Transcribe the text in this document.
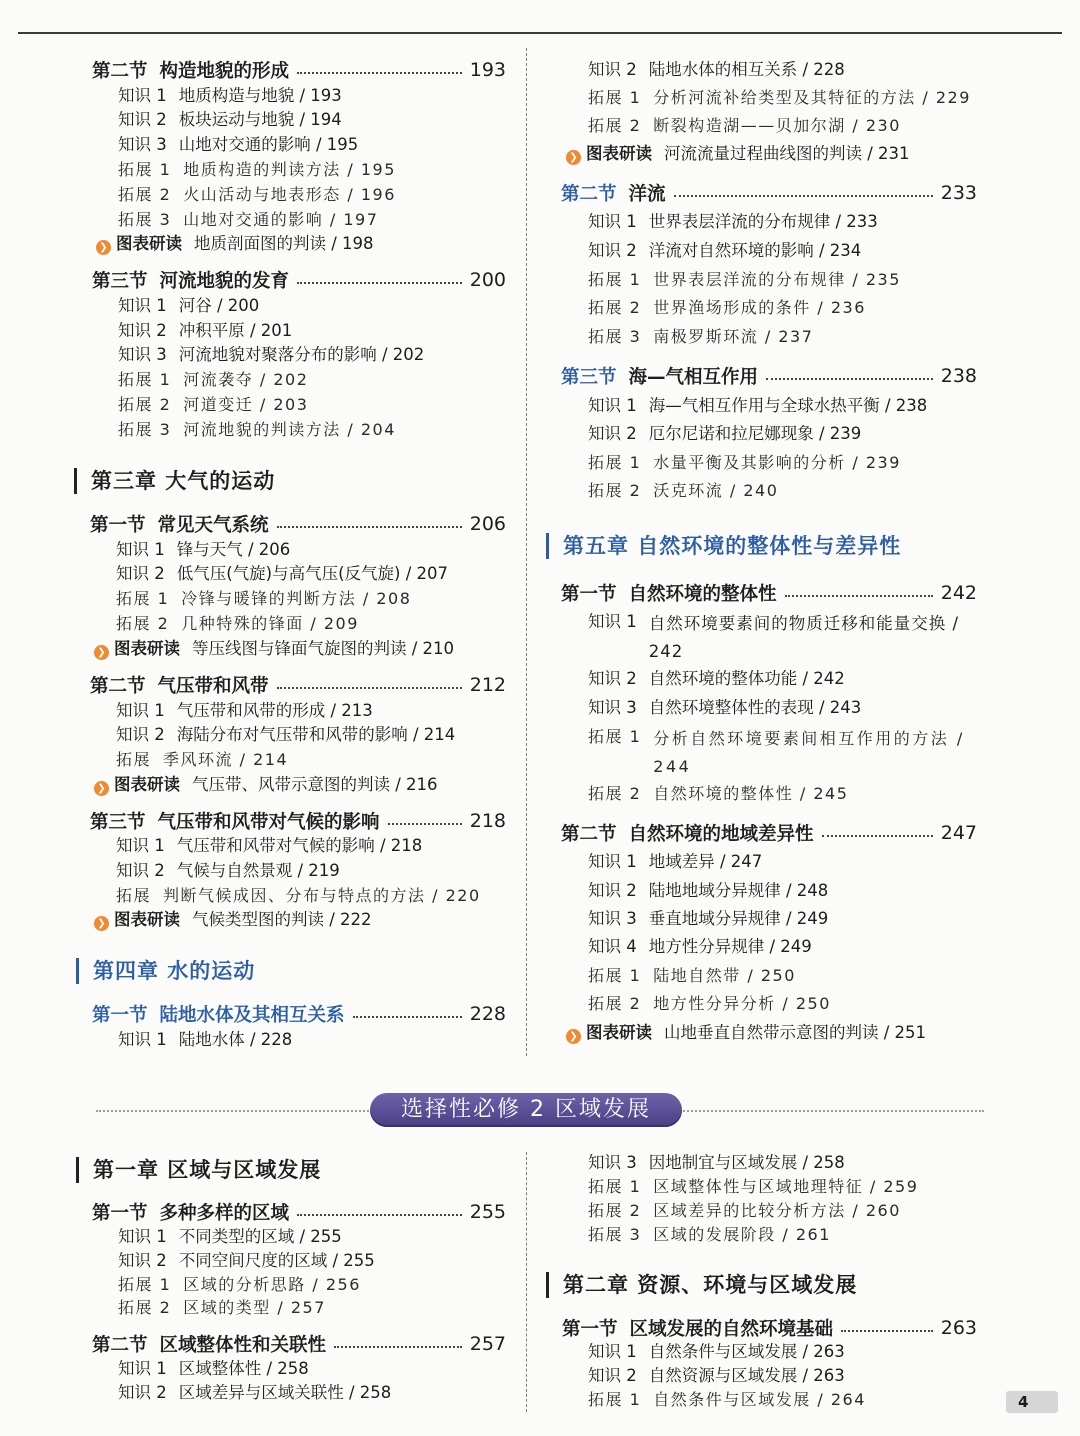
第二节 构造地貌的形成	193
知识 1 地质构造与地貌 / 193
知识 2 板块运动与地貌 / 194
知识 3 山地对交通的影响 / 195
拓展 1 地质构造的判读方法 / 195
拓展 2 火山活动与地表形态 / 196
拓展 3 山地对交通的影响 / 197
❯ 图表研读 地质剖面图的判读 / 198
第三节 河流地貌的发育	200
知识 1 河谷 / 200
知识 2 冲积平原 / 201
知识 3 河流地貌对聚落分布的影响 / 202
拓展 1 河流袭夺 / 202
拓展 2 河道变迁 / 203
拓展 3 河流地貌的判读方法 / 204
第三章 大气的运动
第一节 常见天气系统	206
知识 1 锋与天气 / 206
知识 2 低气压(气旋)与高气压(反气旋) / 207
拓展 1 冷锋与暖锋的判断方法 / 208
拓展 2 几种特殊的锋面 / 209
❯ 图表研读 等压线图与锋面气旋图的判读 / 210
第二节 气压带和风带	212
知识 1 气压带和风带的形成 / 213
知识 2 海陆分布对气压带和风带的影响 / 214
拓展 季风环流 / 214
❯ 图表研读 气压带、风带示意图的判读 / 216
第三节 气压带和风带对气候的影响	218
知识 1 气压带和风带对气候的影响 / 218
知识 2 气候与自然景观 / 219
拓展 判断气候成因、分布与特点的方法 / 220
❯ 图表研读 气候类型图的判读 / 222
第四章 水的运动
第一节 陆地水体及其相互关系	228
知识 1 陆地水体 / 228
知识 2 陆地水体的相互关系 / 228
拓展 1 分析河流补给类型及其特征的方法 / 229
拓展 2 断裂构造湖——贝加尔湖 / 230
❯ 图表研读 河流流量过程曲线图的判读 / 231
第二节 洋流	233
知识 1 世界表层洋流的分布规律 / 233
知识 2 洋流对自然环境的影响 / 234
拓展 1 世界表层洋流的分布规律 / 235
拓展 2 世界渔场形成的条件 / 236
拓展 3 南极罗斯环流 / 237
第三节 海—气相互作用	238
知识 1 海—气相互作用与全球水热平衡 / 238
知识 2 厄尔尼诺和拉尼娜现象 / 239
拓展 1 水量平衡及其影响的分析 / 239
拓展 2 沃克环流 / 240
第五章 自然环境的整体性与差异性
第一节 自然环境的整体性	242
知识 1 自然环境要素间的物质迁移和能量交换 / 242
知识 2 自然环境的整体功能 / 242
知识 3 自然环境整体性的表现 / 243
拓展 1 分析自然环境要素间相互作用的方法 / 244
拓展 2 自然环境的整体性 / 245
第二节 自然环境的地域差异性	247
知识 1 地域差异 / 247
知识 2 陆地地域分异规律 / 248
知识 3 垂直地域分异规律 / 249
知识 4 地方性分异规律 / 249
拓展 1 陆地自然带 / 250
拓展 2 地方性分异分析 / 250
❯ 图表研读 山地垂直自然带示意图的判读 / 251
选择性必修 2 区域发展
第一章 区域与区域发展
第一节 多种多样的区域	255
知识 1 不同类型的区域 / 255
知识 2 不同空间尺度的区域 / 255
拓展 1 区域的分析思路 / 256
拓展 2 区域的类型 / 257
第二节 区域整体性和关联性	257
知识 1 区域整体性 / 258
知识 2 区域差异与区域关联性 / 258
知识 3 因地制宜与区域发展 / 258
拓展 1 区域整体性与区域地理特征 / 259
拓展 2 区域差异的比较分析方法 / 260
拓展 3 区域的发展阶段 / 261
第二章 资源、环境与区域发展
第一节 区域发展的自然环境基础	263
知识 1 自然条件与区域发展 / 263
知识 2 自然资源与区域发展 / 263
拓展 1 自然条件与区域发展 / 264	4
